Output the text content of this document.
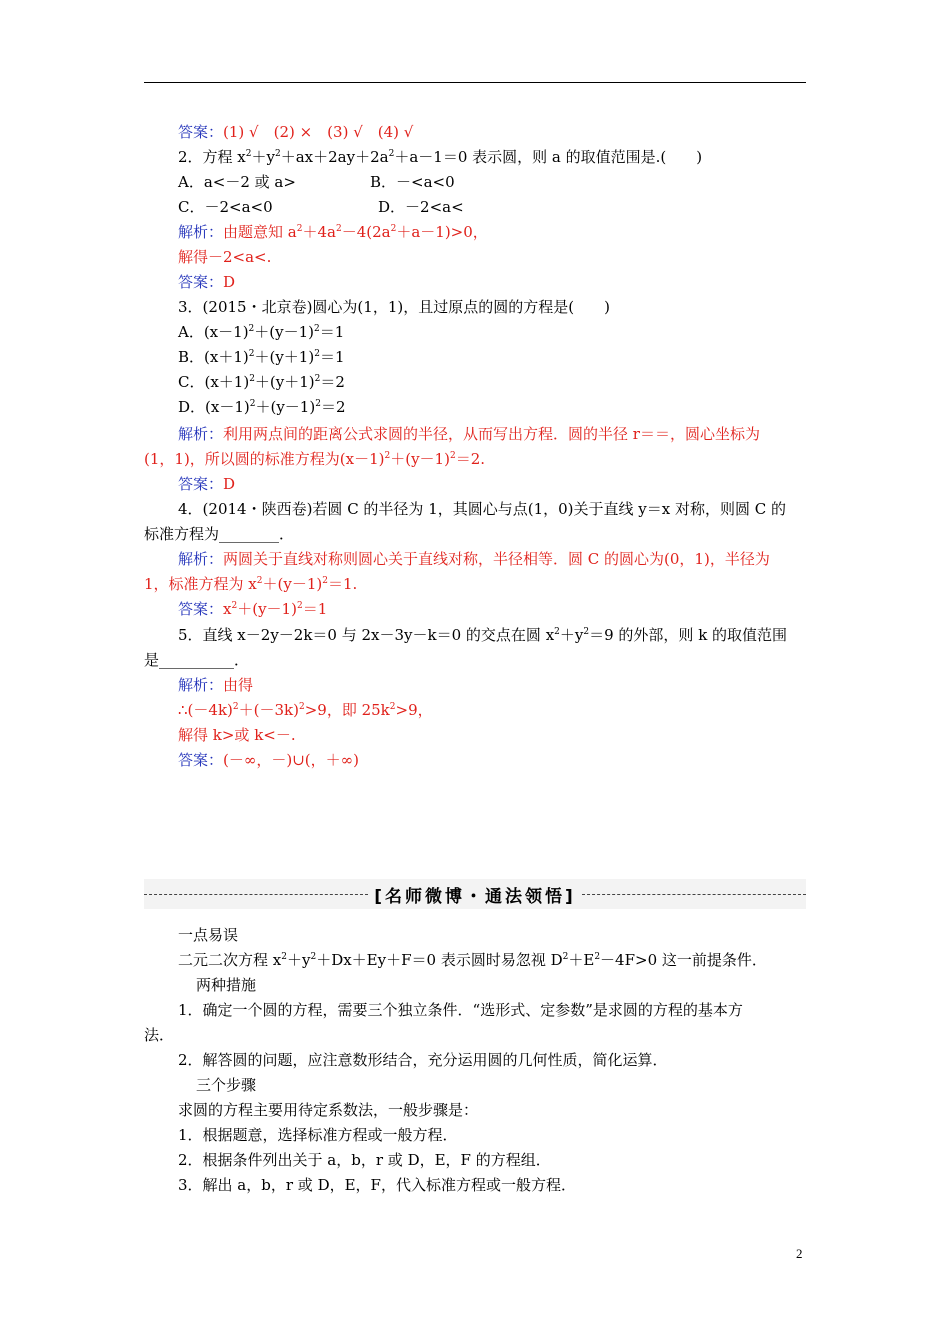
答案：(1) √　(2) ×　(3) √　(4) √
2．方程 $x^2+y^2+ax+2ay+2a^2+a-1=0$ 表示圆，则 a 的取值范围是.(　　)
A．a<－2 或 a>	B．－<a<0
C．－2<a<0	D．－2<a<
解析：由题意知 $a^2+4a^2-4(2a^2+a-1)>0$，
解得－2<a<.
答案：D
3．(2015・北京卷)圆心为(1，1)，且过原点的圆的方程是(　　)
A．$(x-1)^2+(y-1)^2=1$
B．$(x+1)^2+(y+1)^2=1$
C．$(x+1)^2+(y+1)^2=2$
D．$(x-1)^2+(y-1)^2=2$
解析：利用两点间的距离公式求圆的半径，从而写出方程．圆的半径 r＝＝，圆心坐标为
(1，1)，所以圆的标准方程为$(x-1)^2+(y-1)^2=2$.
答案：D
4．(2014・陕西卷)若圆 C 的半径为 1，其圆心与点(1，0)关于直线 y＝x 对称，则圆 C 的
标准方程为________．
解析：两圆关于直线对称则圆心关于直线对称，半径相等．圆 C 的圆心为(0，1)，半径为
1，标准方程为 $x^2+(y-1)^2=1$.
答案：$x^2+(y-1)^2=1$
5．直线 x－2y－2k＝0 与 2x－3y－k＝0 的交点在圆 $x^2+y^2=9$ 的外部，则 k 的取值范围
是__________．
解析：由得
$\therefore(-4k)^2+(-3k)^2>9$，即 $25k^2>9$，
解得 k>或 k<－.
答案：(－∞，－)∪(，＋∞)
[名师微博・通法领悟]
一点易误
二元二次方程 $x^2+y^2+Dx+Ey+F=0$ 表示圆时易忽视 $D^2+E^2-4F>0$ 这一前提条件．
两种措施
1．确定一个圆的方程，需要三个独立条件．“选形式、定参数”是求圆的方程的基本方
法．
2．解答圆的问题，应注意数形结合，充分运用圆的几何性质，简化运算．
三个步骤
求圆的方程主要用待定系数法，一般步骤是：
1．根据题意，选择标准方程或一般方程．
2．根据条件列出关于 a，b，r 或 D，E，F 的方程组．
3．解出 a，b，r 或 D，E，F，代入标准方程或一般方程．
2
